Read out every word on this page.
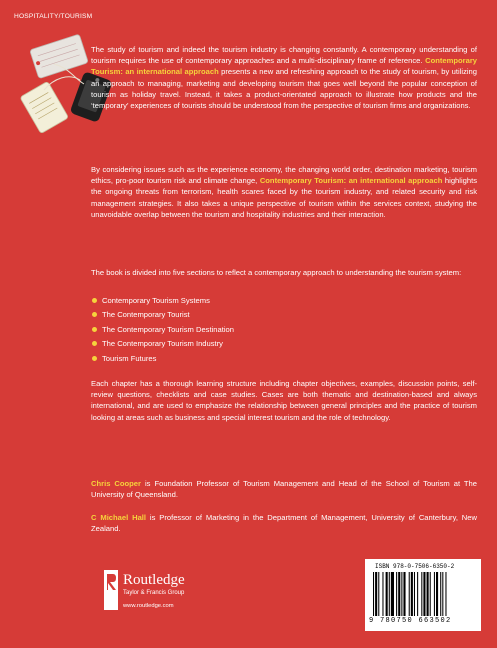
HOSPITALITY/TOURISM

The study of tourism and indeed the tourism industry is changing constantly. A contemporary understanding of tourism requires the use of contemporary approaches and a multi-disciplinary frame of reference. Contemporary Tourism: an international approach presents a new and refreshing approach to the study of tourism, by utilizing an approach to managing, marketing and developing tourism that goes well beyond the popular conception of tourism as holiday travel. Instead, it takes a product-orientated approach to illustrate how products and the ‘temporary’ experiences of tourists should be understood from the perspective of tourism firms and organizations.

By considering issues such as the experience economy, the changing world order, destination marketing, tourism ethics, pro-poor tourism risk and climate change, Contemporary Tourism: an international approach highlights the ongoing threats from terrorism, health scares faced by the tourism industry, and related security and risk management strategies. It also takes a unique perspective of tourism within the services context, studying the unavoidable overlap between the tourism and hospitality industries and their interaction.

The book is divided into five sections to reflect a contemporary approach to understanding the tourism system:

Contemporary Tourism Systems
The Contemporary Tourist
The Contemporary Tourism Destination
The Contemporary Tourism Industry
Tourism Futures

Each chapter has a thorough learning structure including chapter objectives, examples, discussion points, self-review questions, checklists and case studies. Cases are both thematic and destination-based and always international, and are used to emphasize the relationship between general principles and the practice of tourism looking at areas such as business and special interest tourism and the role of technology.

Chris Cooper is Foundation Professor of Tourism Management and Head of the School of Tourism at The University of Queensland.

C Michael Hall is Professor of Marketing in the Department of Management, University of Canterbury, New Zealand.

Routledge
Taylor & Francis Group
www.routledge.com
ISBN 978-0-7506-6350-2
9 780750 663502
